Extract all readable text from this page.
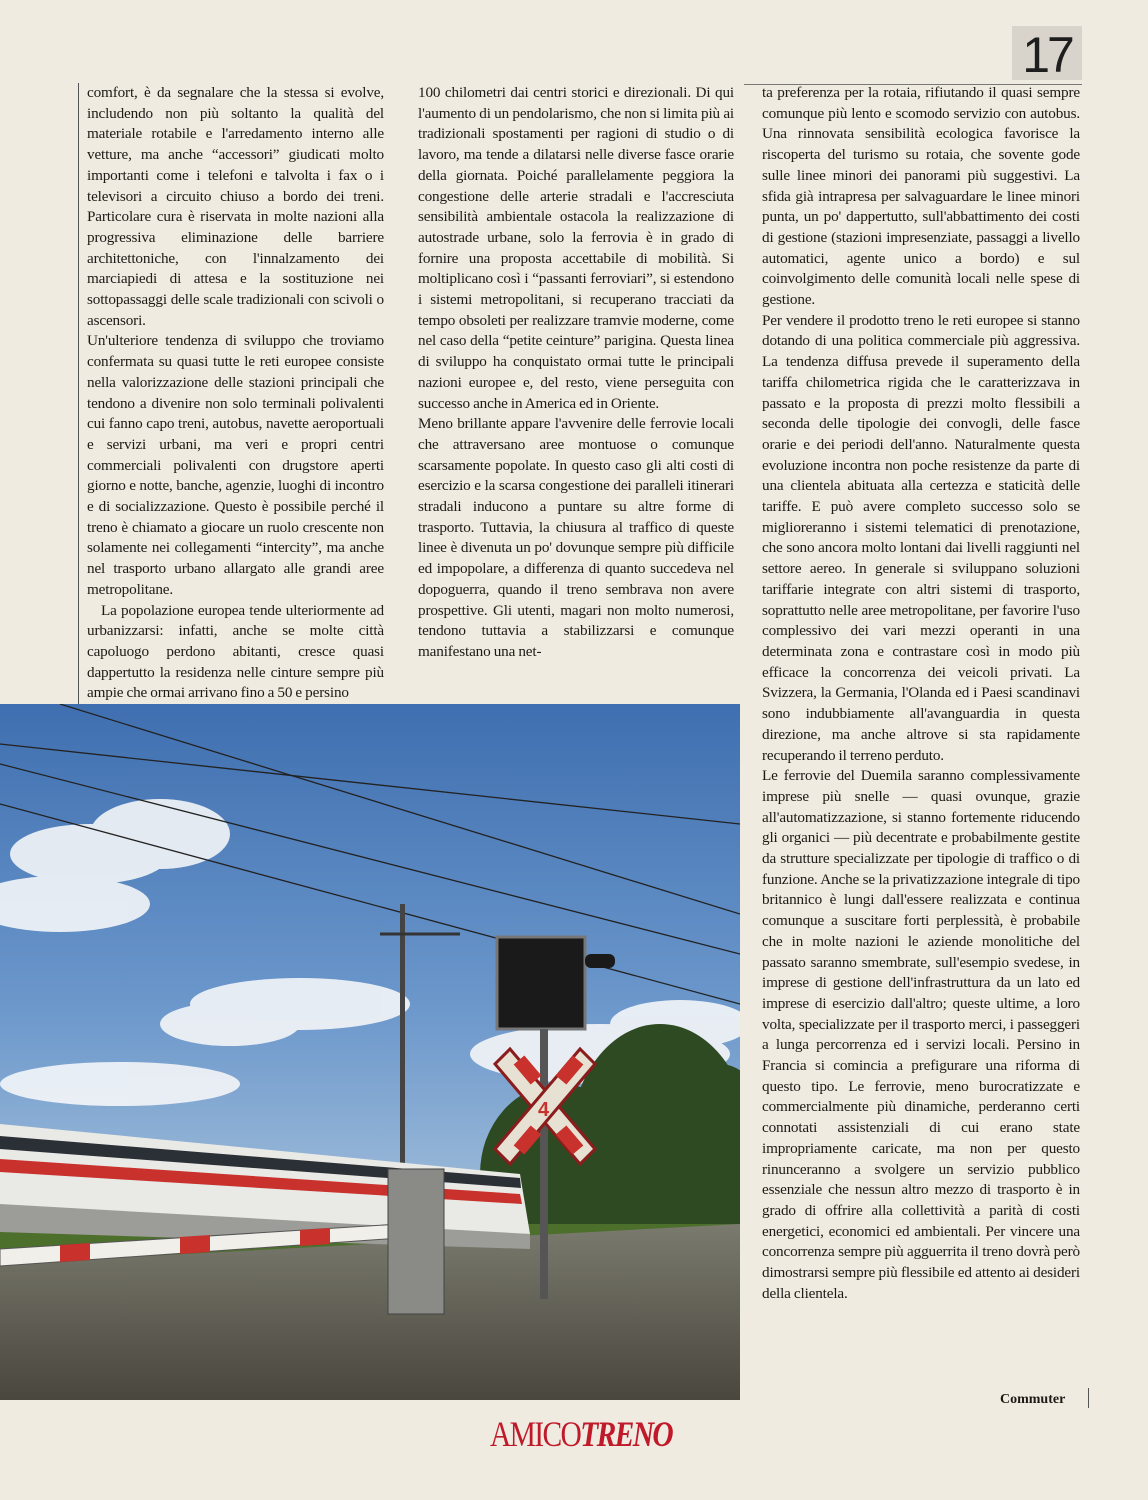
17

comfort, è da segnalare che la stessa si evolve, includendo non più soltanto la qualità del materiale rotabile e l'arredamento interno alle vetture, ma anche “accessori” giudicati molto importanti come i telefoni e talvolta i fax o i televisori a circuito chiuso a bordo dei treni. Particolare cura è riservata in molte nazioni alla progressiva eliminazione delle barriere architettoniche, con l'innalzamento dei marciapiedi di attesa e la sostituzione nei sottopassaggi delle scale tradizionali con scivoli o ascensori.

Un'ulteriore tendenza di sviluppo che troviamo confermata su quasi tutte le reti europee consiste nella valorizzazione delle stazioni principali che tendono a divenire non solo terminali polivalenti cui fanno capo treni, autobus, navette aeroportuali e servizi urbani, ma veri e propri centri commerciali polivalenti con drugstore aperti giorno e notte, banche, agenzie, luoghi di incontro e di socializzazione. Questo è possibile perché il treno è chiamato a giocare un ruolo crescente non solamente nei collegamenti “intercity”, ma anche nel trasporto urbano allargato alle grandi aree metropolitane.

La popolazione europea tende ulteriormente ad urbanizzarsi: infatti, anche se molte città capoluogo perdono abitanti, cresce quasi dappertutto la residenza nelle cinture sempre più ampie che ormai arrivano fino a 50 e persino

100 chilometri dai centri storici e direzionali. Di qui l'aumento di un pendolarismo, che non si limita più ai tradizionali spostamenti per ragioni di studio o di lavoro, ma tende a dilatarsi nelle diverse fasce orarie della giornata. Poiché parallelamente peggiora la congestione delle arterie stradali e l'accresciuta sensibilità ambientale ostacola la realizzazione di autostrade urbane, solo la ferrovia è in grado di fornire una proposta accettabile di mobilità. Si moltiplicano così i “passanti ferroviari”, si estendono i sistemi metropolitani, si recuperano tracciati da tempo obsoleti per realizzare tramvie moderne, come nel caso della “petite ceinture” parigina. Questa linea di sviluppo ha conquistato ormai tutte le principali nazioni europee e, del resto, viene perseguita con successo anche in America ed in Oriente.

Meno brillante appare l'avvenire delle ferrovie locali che attraversano aree montuose o comunque scarsamente popolate. In questo caso gli alti costi di esercizio e la scarsa congestione dei paralleli itinerari stradali inducono a puntare su altre forme di trasporto. Tuttavia, la chiusura al traffico di queste linee è divenuta un po' dovunque sempre più difficile ed impopolare, a differenza di quanto succedeva nel dopoguerra, quando il treno sembrava non avere prospettive. Gli utenti, magari non molto numerosi, tendono tuttavia a stabilizzarsi e comunque manifestano una net-

ta preferenza per la rotaia, rifiutando il quasi sempre comunque più lento e scomodo servizio con autobus. Una rinnovata sensibilità ecologica favorisce la riscoperta del turismo su rotaia, che sovente gode sulle linee minori dei panorami più suggestivi. La sfida già intrapresa per salvaguardare le linee minori punta, un po' dappertutto, sull'abbattimento dei costi di gestione (stazioni impresenziate, passaggi a livello automatici, agente unico a bordo) e sul coinvolgimento delle comunità locali nelle spese di gestione.

Per vendere il prodotto treno le reti europee si stanno dotando di una politica commerciale più aggressiva. La tendenza diffusa prevede il superamento della tariffa chilometrica rigida che le caratterizzava in passato e la proposta di prezzi molto flessibili a seconda delle tipologie dei convogli, delle fasce orarie e dei periodi dell'anno. Naturalmente questa evoluzione incontra non poche resistenze da parte di una clientela abituata alla certezza e staticità delle tariffe. E può avere completo successo solo se miglioreranno i sistemi telematici di prenotazione, che sono ancora molto lontani dai livelli raggiunti nel settore aereo. In generale si sviluppano soluzioni tariffarie integrate con altri sistemi di trasporto, soprattutto nelle aree metropolitane, per favorire l'uso complessivo dei vari mezzi operanti in una determinata zona e contrastare così in modo più efficace la concorrenza dei veicoli privati. La Svizzera, la Germania, l'Olanda ed i Paesi scandinavi sono indubbiamente all'avanguardia in questa direzione, ma anche altrove si sta rapidamente recuperando il terreno perduto.

Le ferrovie del Duemila saranno complessivamente imprese più snelle — quasi ovunque, grazie all'automatizzazione, si stanno fortemente riducendo gli organici — più decentrate e probabilmente gestite da strutture specializzate per tipologie di traffico o di funzione. Anche se la privatizzazione integrale di tipo britannico è lungi dall'essere realizzata e continua comunque a suscitare forti perplessità, è probabile che in molte nazioni le aziende monolitiche del passato saranno smembrate, sull'esempio svedese, in imprese di gestione dell'infrastruttura da un lato ed imprese di esercizio dall'altro; queste ultime, a loro volta, specializzate per il trasporto merci, i passeggeri a lunga percorrenza ed i servizi locali. Persino in Francia si comincia a prefigurare una riforma di questo tipo. Le ferrovie, meno burocratizzate e commercialmente più dinamiche, perderanno certi connotati assistenziali di cui erano state impropriamente caricate, ma non per questo rinunceranno a svolgere un servizio pubblico essenziale che nessun altro mezzo di trasporto è in grado di offrire alla collettività a parità di costi energetici, economici ed ambientali. Per vincere una concorrenza sempre più agguerrita il treno dovrà però dimostrarsi sempre più flessibile ed attento ai desideri della clientela.

4
Commuter
AMICOTRENO
